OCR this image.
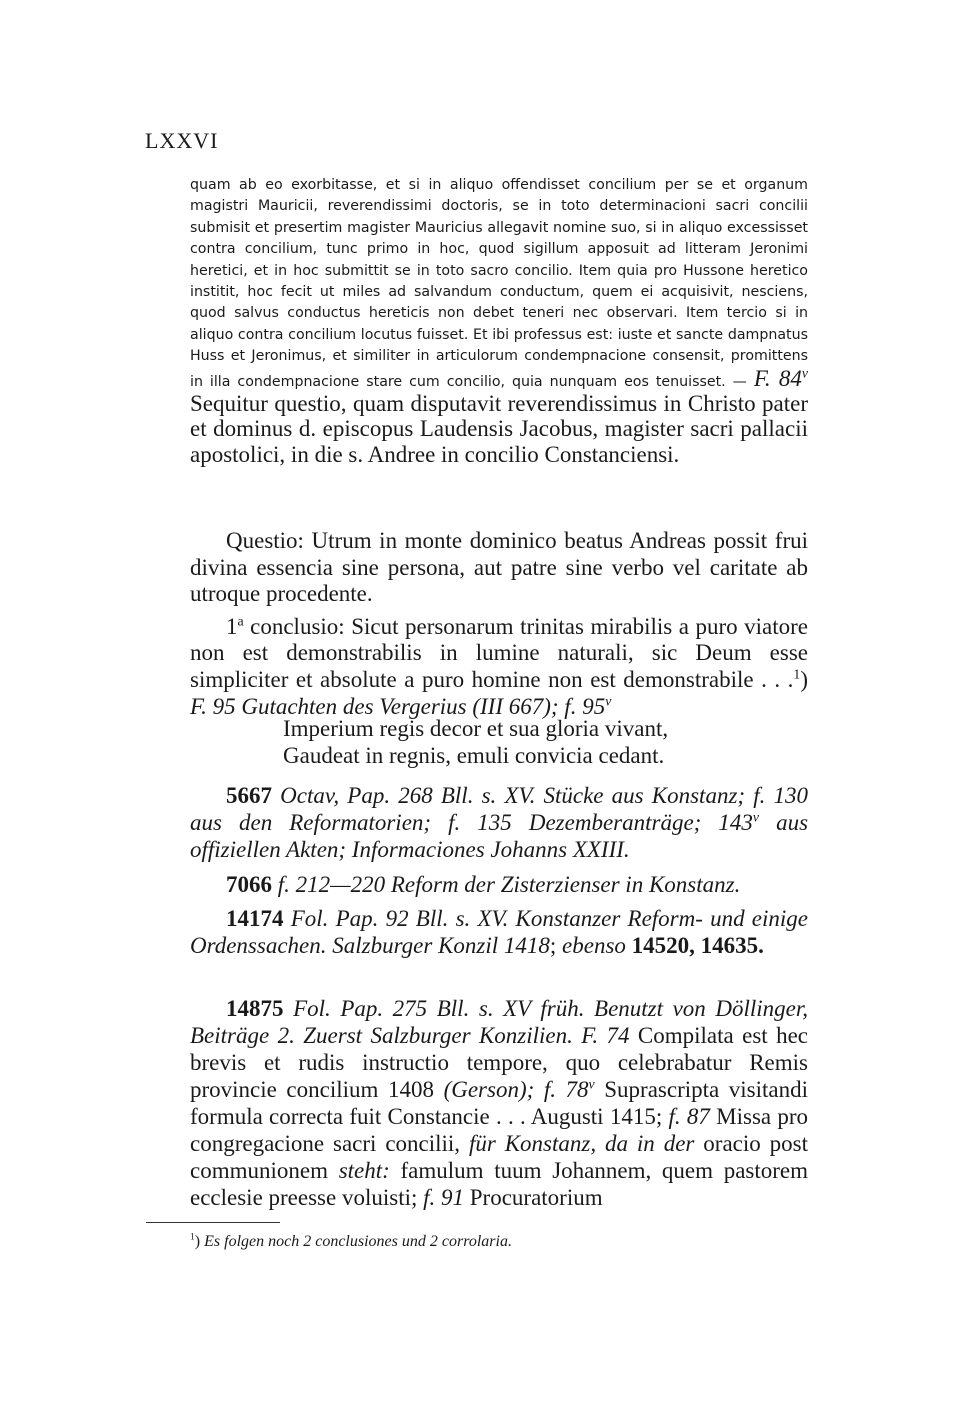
LXXVI
quam ab eo exorbitasse, et si in aliquo offendisset concilium per se et organum magistri Mauricii, reverendissimi doctoris, se in toto determinacioni sacri concilii submisit et presertim magister Mauricius allegavit nomine suo, si in aliquo excessisset contra concilium, tunc primo in hoc, quod sigillum apposuit ad litteram Jeronimi heretici, et in hoc submittit se in toto sacro concilio. Item quia pro Hussone heretico institit, hoc fecit ut miles ad salvandum conductum, quem ei acquisivit, nesciens, quod salvus conductus hereticis non debet teneri nec observari. Item tercio si in aliquo contra concilium locutus fuisset. Et ibi professus est: iuste et sancte dampnatus Huss et Jeronimus, et similiter in articulorum condempnacione consensit, promittens in illa condempnacione stare cum concilio, quia nunquam eos tenuisset. — F. 84$^v$ Sequitur questio, quam disputavit reverendissimus in Christo pater et dominus d. episcopus Laudensis Jacobus, magister sacri pallacii apostolici, in die s. Andree in concilio Constanciensi.
Questio: Utrum in monte dominico beatus Andreas possit frui divina essencia sine persona, aut patre sine verbo vel caritate ab utroque procedente.
1$^a$ conclusio: Sicut personarum trinitas mirabilis a puro viatore non est demonstrabilis in lumine naturali, sic Deum esse simpliciter et absolute a puro homine non est demonstrabile . . .$^1$) F. 95 Gutachten des Vergerius (III 667); f. 95$^v$
Imperium regis decor et sua gloria vivant,
Gaudeat in regnis, emuli convicia cedant.
5667 Octav, Pap. 268 Bll. s. XV. Stücke aus Konstanz; f. 130 aus den Reformatorien; f. 135 Dezemberanträge; 143$^v$ aus offiziellen Akten; Informaciones Johanns XXIII.
7066 f. 212—220 Reform der Zisterzienser in Konstanz.
14174 Fol. Pap. 92 Bll. s. XV. Konstanzer Reform- und einige Ordenssachen. Salzburger Konzil 1418; ebenso 14520, 14635.
14875 Fol. Pap. 275 Bll. s. XV früh. Benutzt von Döllinger, Beiträge 2. Zuerst Salzburger Konzilien. F. 74 Compilata est hec brevis et rudis instructio tempore, quo celebrabatur Remis provincie concilium 1408 (Gerson); f. 78$^v$ Suprascripta visitandi formula correcta fuit Constancie . . . Augusti 1415; f. 87 Missa pro congregacione sacri concilii, für Konstanz, da in der oracio post communionem steht: famulum tuum Johannem, quem pastorem ecclesie preesse voluisti; f. 91 Procuratorium
$^1$) Es folgen noch 2 conclusiones und 2 corrolaria.
